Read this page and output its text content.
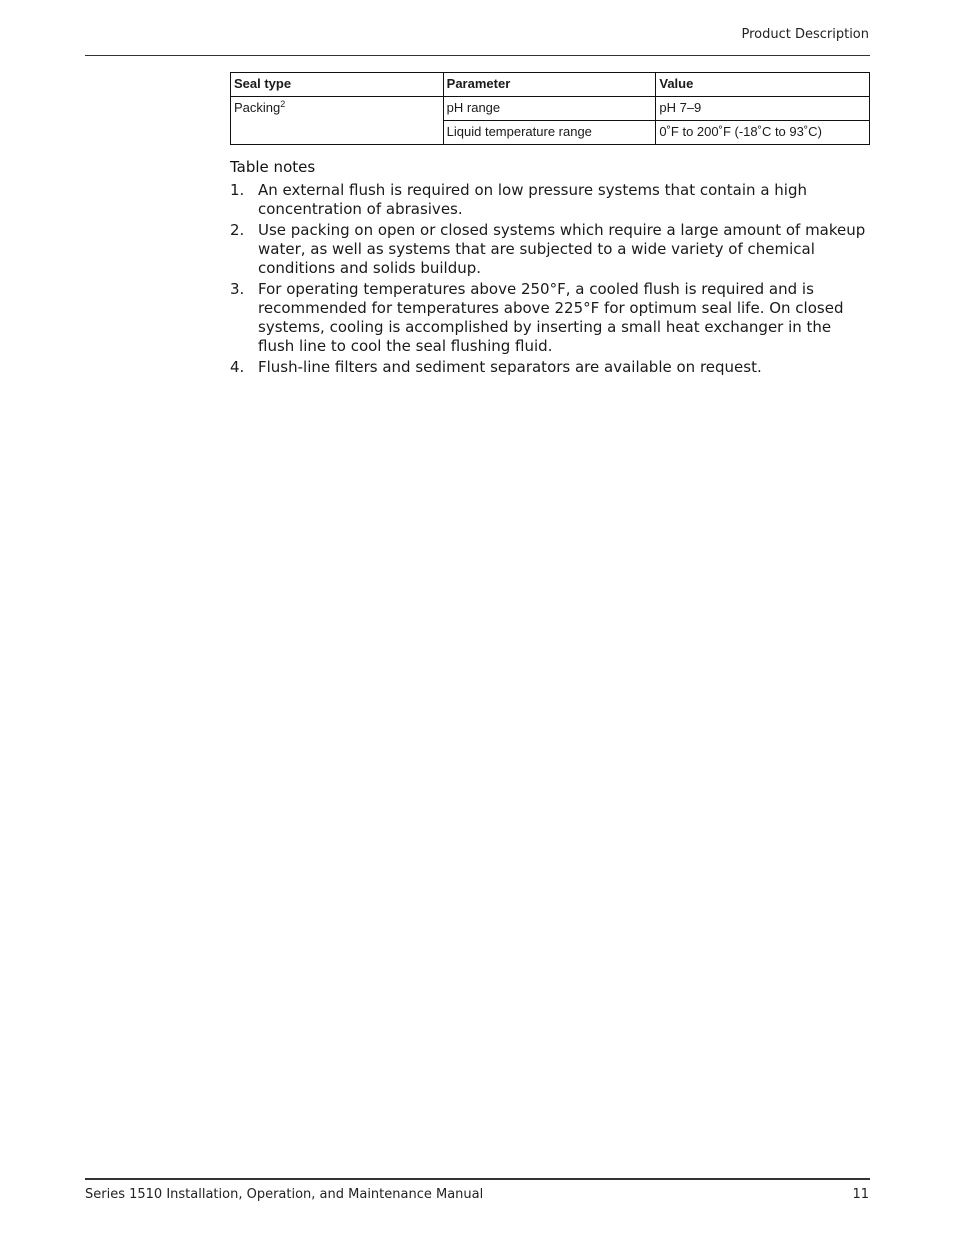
Product Description
Seal type	Parameter	Value
Packing$^2$	pH range	pH 7–9
	Liquid temperature range	0˚F to 200˚F (-18˚C to 93˚C)
Table notes
1. An external flush is required on low pressure systems that contain a high concentration of abrasives.
2. Use packing on open or closed systems which require a large amount of makeup water, as well as systems that are subjected to a wide variety of chemical conditions and solids buildup.
3. For operating temperatures above 250°F, a cooled flush is required and is recommended for temperatures above 225°F for optimum seal life. On closed systems, cooling is accomplished by inserting a small heat exchanger in the flush line to cool the seal flushing fluid.
4. Flush-line filters and sediment separators are available on request.
Series 1510 Installation, Operation, and Maintenance Manual	11
